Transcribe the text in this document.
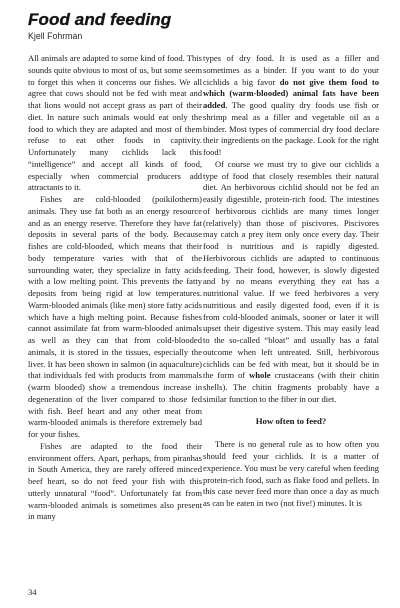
Food and feeding

Kjell Fohrman

All animals are adapted to some kind of food. This sounds quite obvious to most of us, but some seem to forget this when it concerns our fishes. We all agree that cows should not be fed with meat and that lions would not accept grass as part of their diet. In nature such animals would eat only the food to which they are adapted and most of them refuse to eat other foods in captivity. Unfortunately many cichlids lack this “intelligence” and accept all kinds of food, especially when commercial producers add attractants to it.

Fishes are cold-blooded (poikilotherm) animals. They use fat both as an energy resource and as an energy reserve. Therefore they have fat deposits in several parts of the body. Because fishes are cold-blooded, which means that their body temperature varies with that of the surrounding water, they specialize in fatty acids with a low melting point. This prevents the fatty deposits from being rigid at low temperatures. Warm-blooded animals (like men) store fatty acids which have a high melting point. Because fishes cannot assimilate fat from warm-blooded animals as well as they can that from cold-blooded animals, it is stored in the tissues, especially the liver. It has been shown in salmon (in aquaculture) that individuals fed with products from mammals (warm blooded) show a tremendous increase in degeneration of the liver compared to those fed with fish. Beef heart and any other meat from warm-blooded animals is therefore extremely bad for your fishes.

Fishes are adapted to the food their environment offers. Apart, perhaps, from piranhas in South America, they are rarely offered minced beef heart, so do not feed your fish with this utterly unnatural “food”. Unfortunately fat from warm-blooded animals is sometimes also present in many

types of dry food. It is used as a filler and sometimes as a binder. If you want to do your cichlids a big favor do not give them food to which (warm-blooded) animal fats have been added. The good quality dry foods use fish or shrimp meal as a filler and vegetable oil as a binder. Most types of commercial dry food declare their ingredients on the package. Look for the right food!

Of course we must try to give our cichlids a type of food that closely resembles their natural diet. An herbivorous cichlid should not be fed an easily digestible, protein-rich food. The intestines of herbivorous cichlids are many times longer (relatively) than those of piscivores. Piscivores may catch a prey item only once every day. Their food is nutritious and is rapidly digested. Herbivorous cichlids are adapted to continuous feeding. Their food, however, is slowly digested and by no means everything they eat has a nutritional value. If we feed herbivores a very nutritious and easily digested food, even if it is from cold-blooded animals, sooner or later it will upset their digestive system. This may easily lead to the so-called “bloat” and usually has a fatal outcome when left untreated. Still, herbivorous cichlids can be fed with meat, but it should be in the form of whole crustaceans (with their chitin shells). The chitin fragments probably have a similar function to the fiber in our diet.

How often to feed?

There is no general rule as to how often you should feed your cichlids. It is a matter of experience. You must be very careful when feeding protein-rich food, such as flake food and pellets. In this case never feed more than once a day as much as can be eaten in two (not five!) minutes. It is

34
